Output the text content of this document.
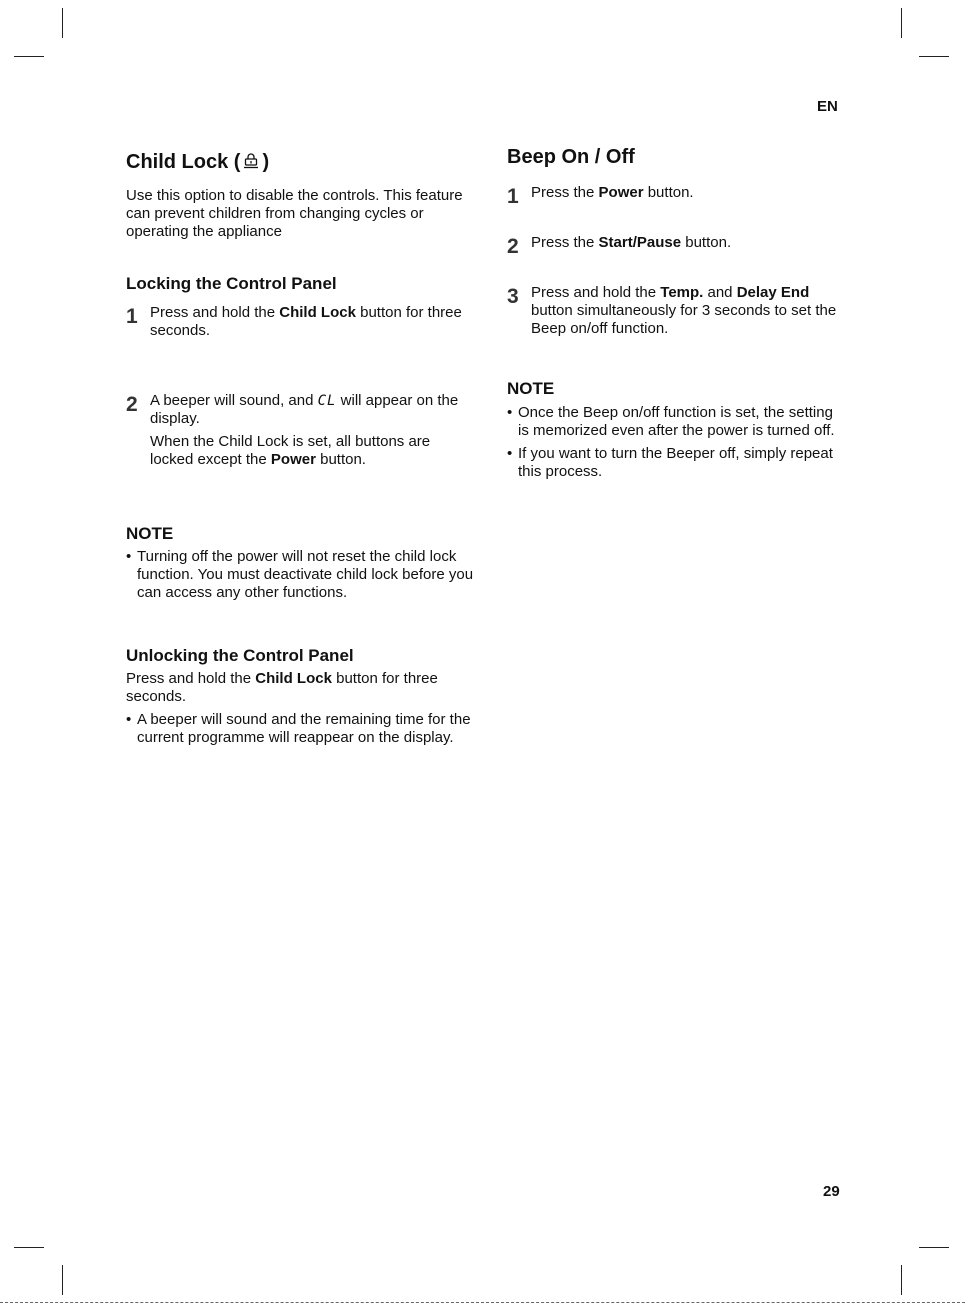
EN
Child Lock ( )

Use this option to disable the controls. This feature can prevent children from changing cycles or operating the appliance

Locking the Control Panel
1 Press and hold the Child Lock button for three seconds.
2 A beeper will sound, and CL will appear on the display.

When the Child Lock is set, all buttons are locked except the Power button.

NOTE

• Turning off the power will not reset the child lock function. You must deactivate child lock before you can access any other functions.

Unlocking the Control Panel

Press and hold the Child Lock button for three seconds.

• A beeper will sound and the remaining time for the current programme will reappear on the display.

Beep On / Off
1 Press the Power button.
2 Press the Start/Pause button.
3 Press and hold the Temp. and Delay End button simultaneously for 3 seconds to set the Beep on/off function.
NOTE

• Once the Beep on/off function is set, the setting is memorized even after the power is turned off.

• If you want to turn the Beeper off, simply repeat this process.

29
